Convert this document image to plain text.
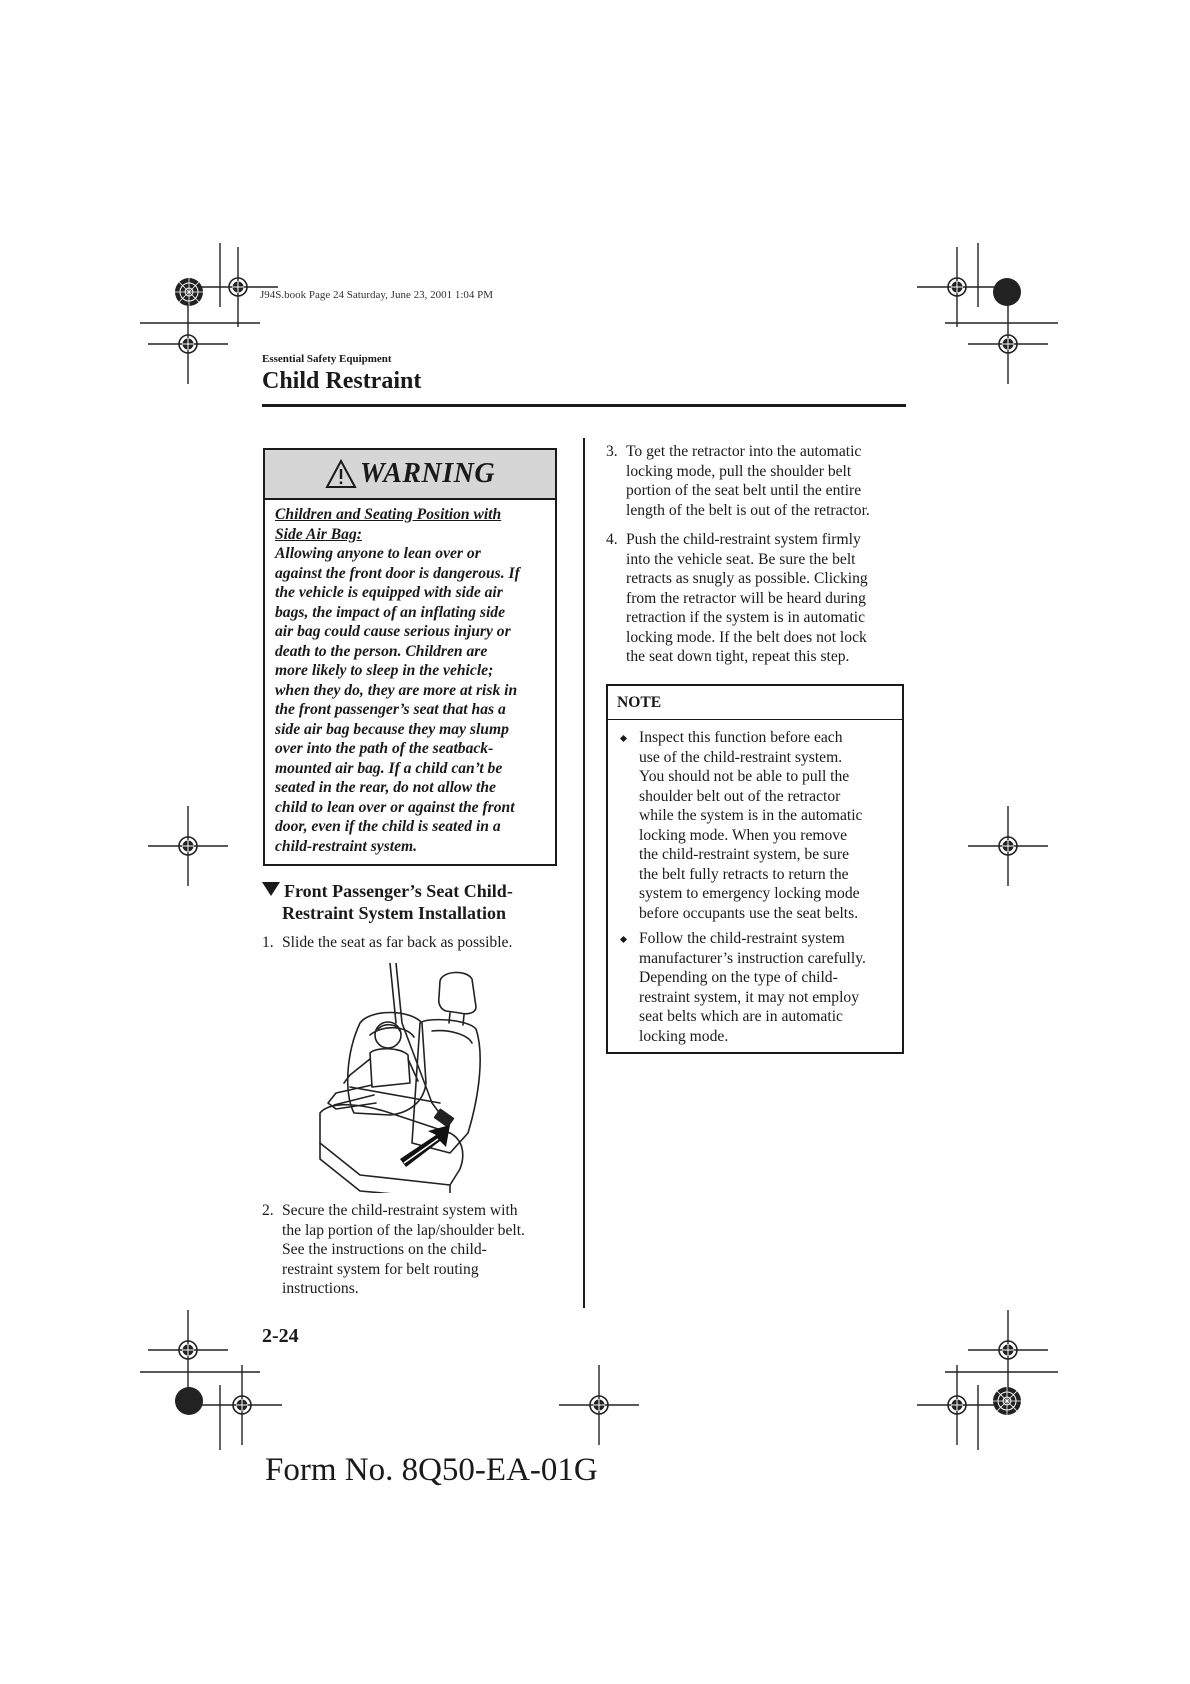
J94S.book Page 24 Saturday, June 23, 2001 1:04 PM
Essential Safety Equipment
Child Restraint
WARNING
Children and Seating Position with
Side Air Bag:
Allowing anyone to lean over or
against the front door is dangerous. If
the vehicle is equipped with side air
bags, the impact of an inflating side
air bag could cause serious injury or
death to the person. Children are
more likely to sleep in the vehicle;
when they do, they are more at risk in
the front passenger’s seat that has a
side air bag because they may slump
over into the path of the seatback-
mounted air bag. If a child can’t be
seated in the rear, do not allow the
child to lean over or against the front
door, even if the child is seated in a
child-restraint system.
Front Passenger’s Seat Child-
Restraint System Installation
1. Slide the seat as far back as possible.
2. Secure the child-restraint system with
the lap portion of the lap/shoulder belt.
See the instructions on the child-
restraint system for belt routing
instructions.
3. To get the retractor into the automatic
locking mode, pull the shoulder belt
portion of the seat belt until the entire
length of the belt is out of the retractor.
4. Push the child-restraint system firmly
into the vehicle seat. Be sure the belt
retracts as snugly as possible. Clicking
from the retractor will be heard during
retraction if the system is in automatic
locking mode. If the belt does not lock
the seat down tight, repeat this step.
NOTE
Inspect this function before each
use of the child-restraint system.
You should not be able to pull the
shoulder belt out of the retractor
while the system is in the automatic
locking mode. When you remove
the child-restraint system, be sure
the belt fully retracts to return the
system to emergency locking mode
before occupants use the seat belts.
Follow the child-restraint system
manufacturer’s instruction carefully.
Depending on the type of child-
restraint system, it may not employ
seat belts which are in automatic
locking mode.
2-24
Form No. 8Q50-EA-01G
